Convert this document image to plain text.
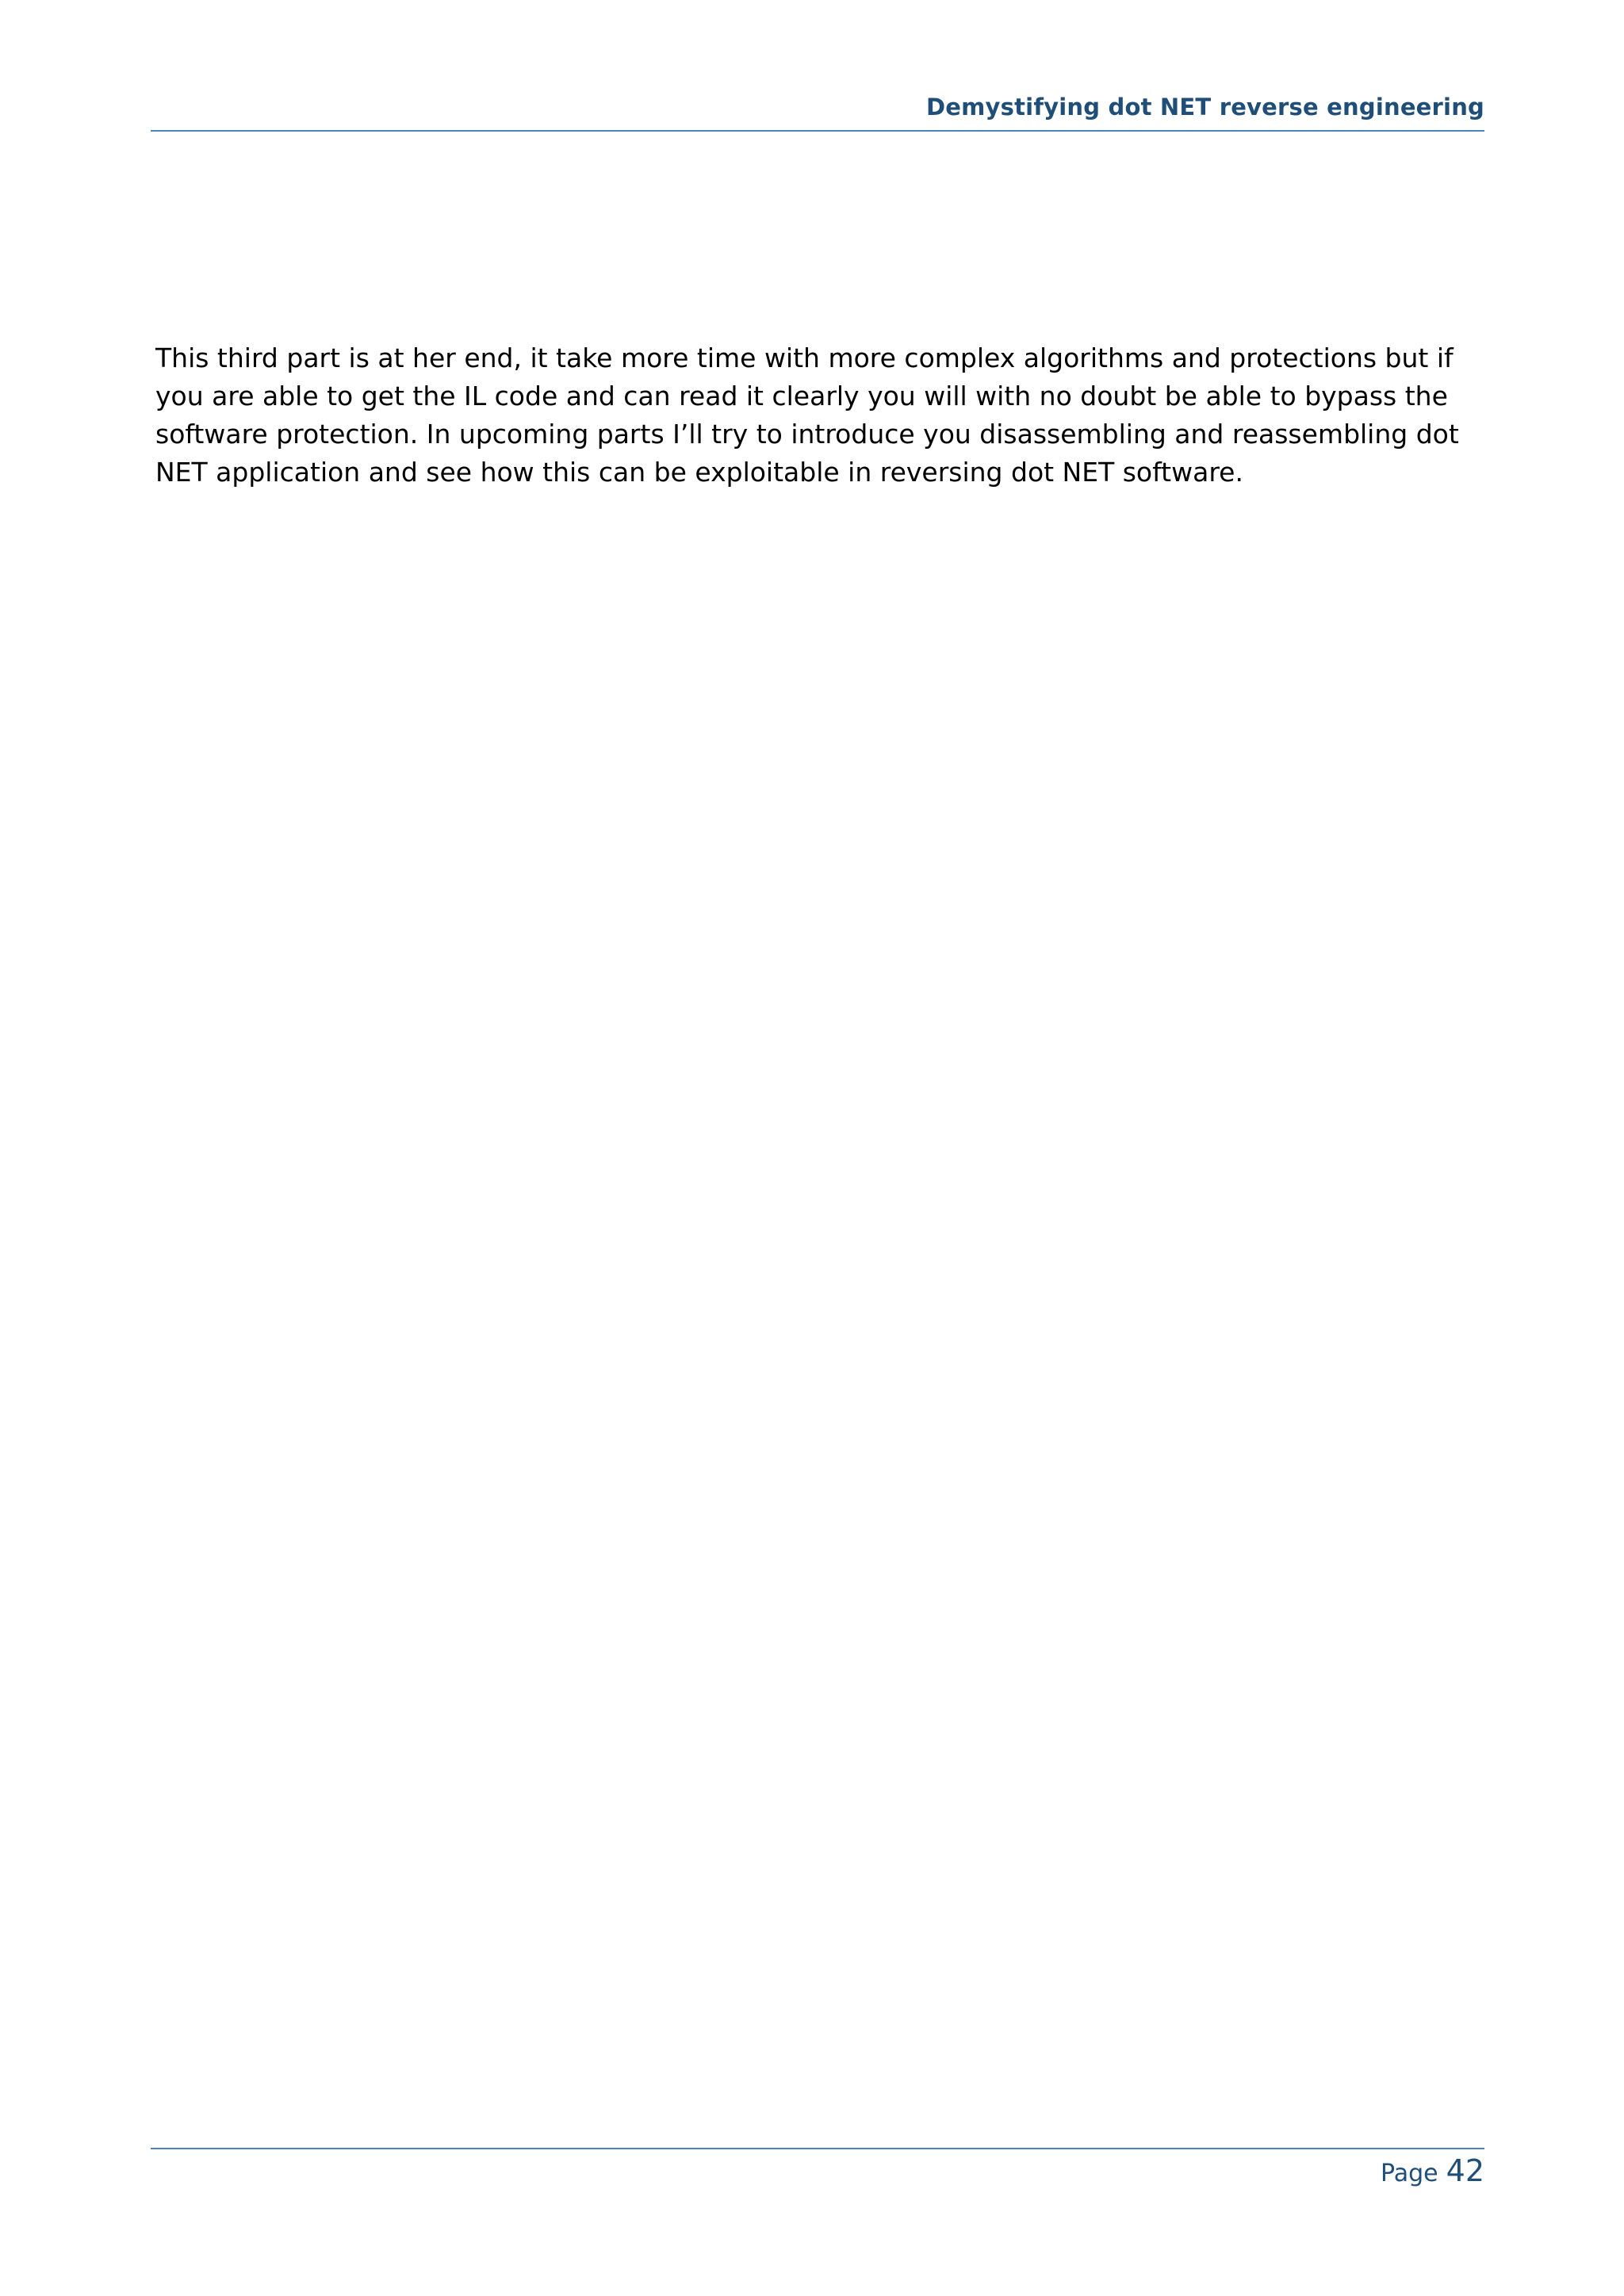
Demystifying dot NET reverse engineering

This third part is at her end, it take more time with more complex algorithms and protections but if you are able to get the IL code and can read it clearly you will with no doubt be able to bypass the software protection. In upcoming parts I’ll try to introduce you disassembling and reassembling dot NET application and see how this can be exploitable in reversing dot NET software.

Page 42
